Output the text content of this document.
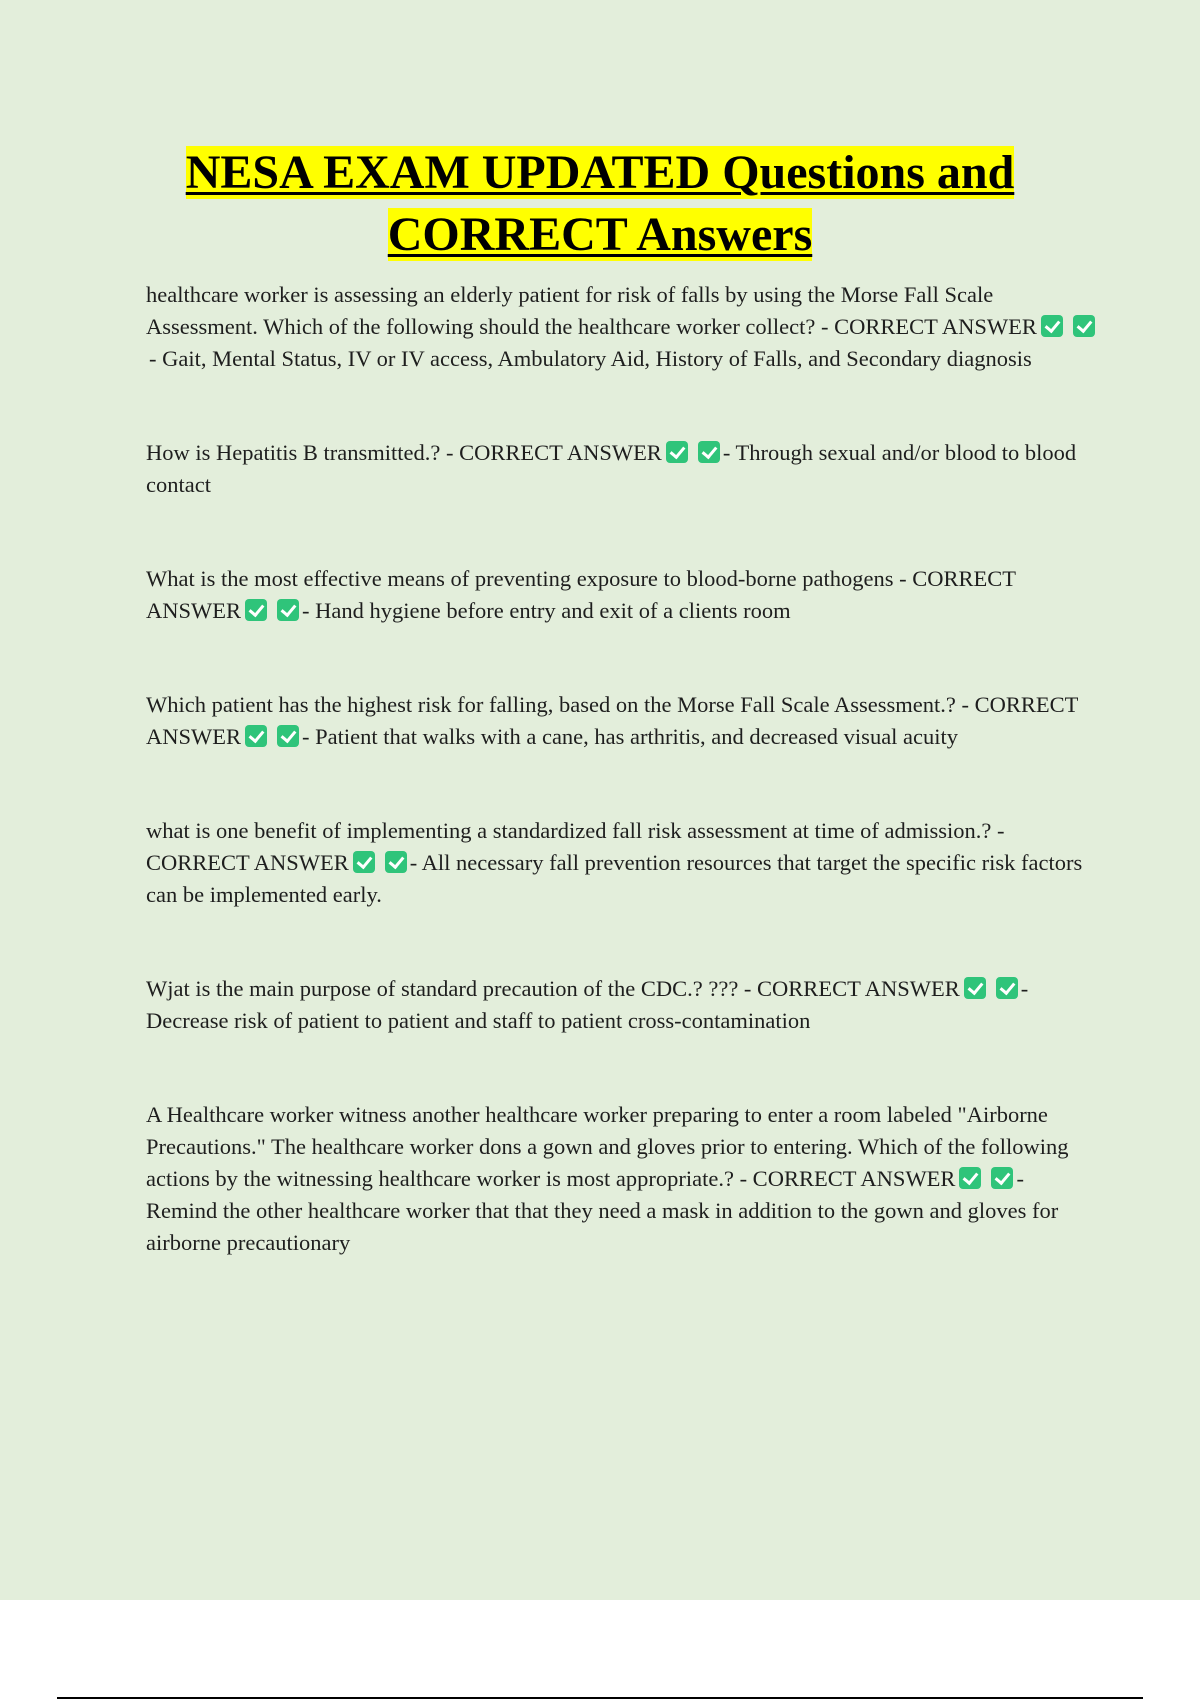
NESA EXAM UPDATED Questions and
CORRECT Answers

healthcare worker is assessing an elderly patient for risk of falls by using the Morse Fall Scale Assessment. Which of the following should the healthcare worker collect? - CORRECT ANSWER- Gait, Mental Status, IV or IV access, Ambulatory Aid, History of Falls, and Secondary diagnosis

How is Hepatitis B transmitted.? - CORRECT ANSWER	- Through sexual and/or blood to blood contact

What is the most effective means of preventing exposure to blood-borne pathogens - CORRECT ANSWER	- Hand hygiene before entry and exit of a clients room

Which patient has the highest risk for falling, based on the Morse Fall Scale Assessment.? - CORRECT ANSWER	- Patient that walks with a cane, has arthritis, and decreased visual acuity

what is one benefit of implementing a standardized fall risk assessment at time of admission.? - CORRECT ANSWER	- All necessary fall prevention resources that target the specific risk factors can be implemented early.

Wjat is the main purpose of standard precaution of the CDC.? ??? - CORRECT ANSWER	- Decrease risk of patient to patient and staff to patient cross-contamination

A Healthcare worker witness another healthcare worker preparing to enter a room labeled "Airborne Precautions." The healthcare worker dons a gown and gloves prior to entering. Which of the following actions by the witnessing healthcare worker is most appropriate.? - CORRECT ANSWER	- Remind the other healthcare worker that that they need a mask in addition to the gown and gloves for airborne precautionary
